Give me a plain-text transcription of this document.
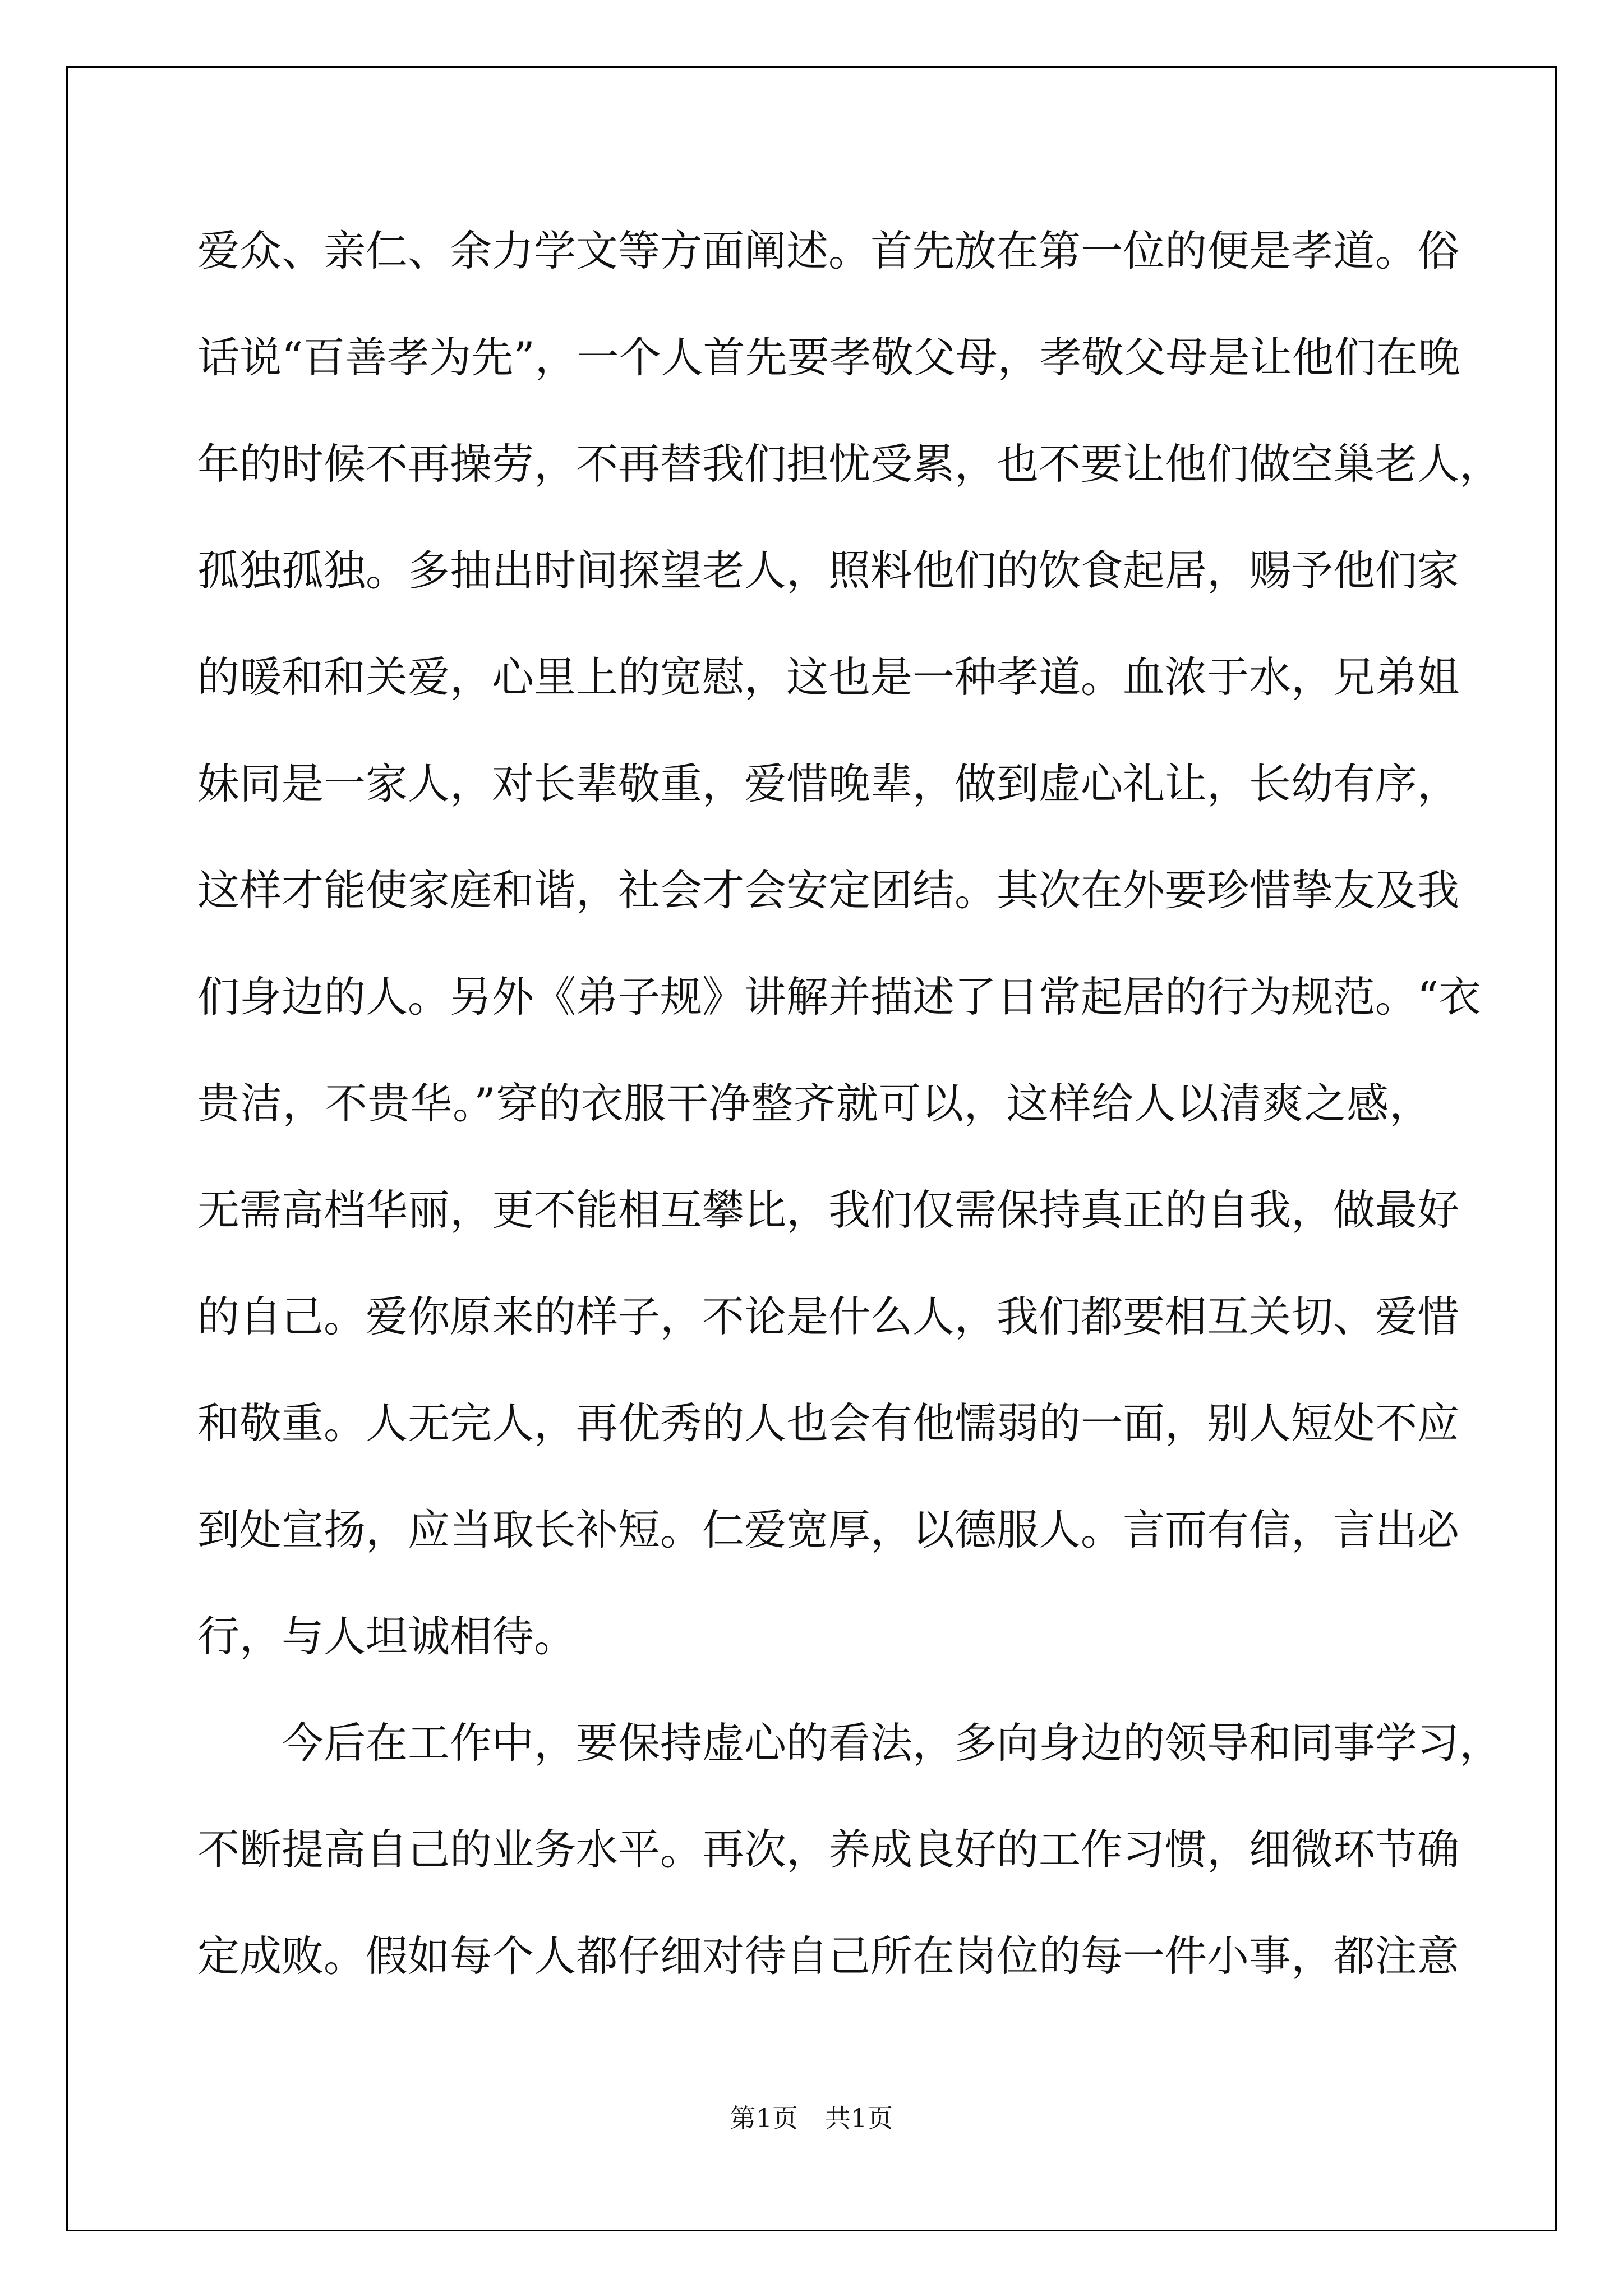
爱众、亲仁、余力学文等方面阐述。首先放在第一位的便是孝道。俗
话说“百善孝为先”，一个人首先要孝敬父母，孝敬父母是让他们在晚
年的时候不再操劳，不再替我们担忧受累，也不要让他们做空巢老人，
孤独孤独。多抽出时间探望老人，照料他们的饮食起居，赐予他们家
的暖和和关爱，心里上的宽慰，这也是一种孝道。血浓于水，兄弟姐
妹同是一家人，对长辈敬重，爱惜晚辈，做到虚心礼让，长幼有序，
这样才能使家庭和谐，社会才会安定团结。其次在外要珍惜挚友及我
们身边的人。另外《弟子规》讲解并描述了日常起居的行为规范。“衣
贵洁，不贵华。”穿的衣服干净整齐就可以，这样给人以清爽之感，
无需高档华丽，更不能相互攀比，我们仅需保持真正的自我，做最好
的自己。爱你原来的样子，不论是什么人，我们都要相互关切、爱惜
和敬重。人无完人，再优秀的人也会有他懦弱的一面，别人短处不应
到处宣扬，应当取长补短。仁爱宽厚，以德服人。言而有信，言出必
行，与人坦诚相待。
今后在工作中，要保持虚心的看法，多向身边的领导和同事学习，
不断提高自己的业务水平。再次，养成良好的工作习惯，细微环节确
定成败。假如每个人都仔细对待自己所在岗位的每一件小事，都注意
第1页 共1页
